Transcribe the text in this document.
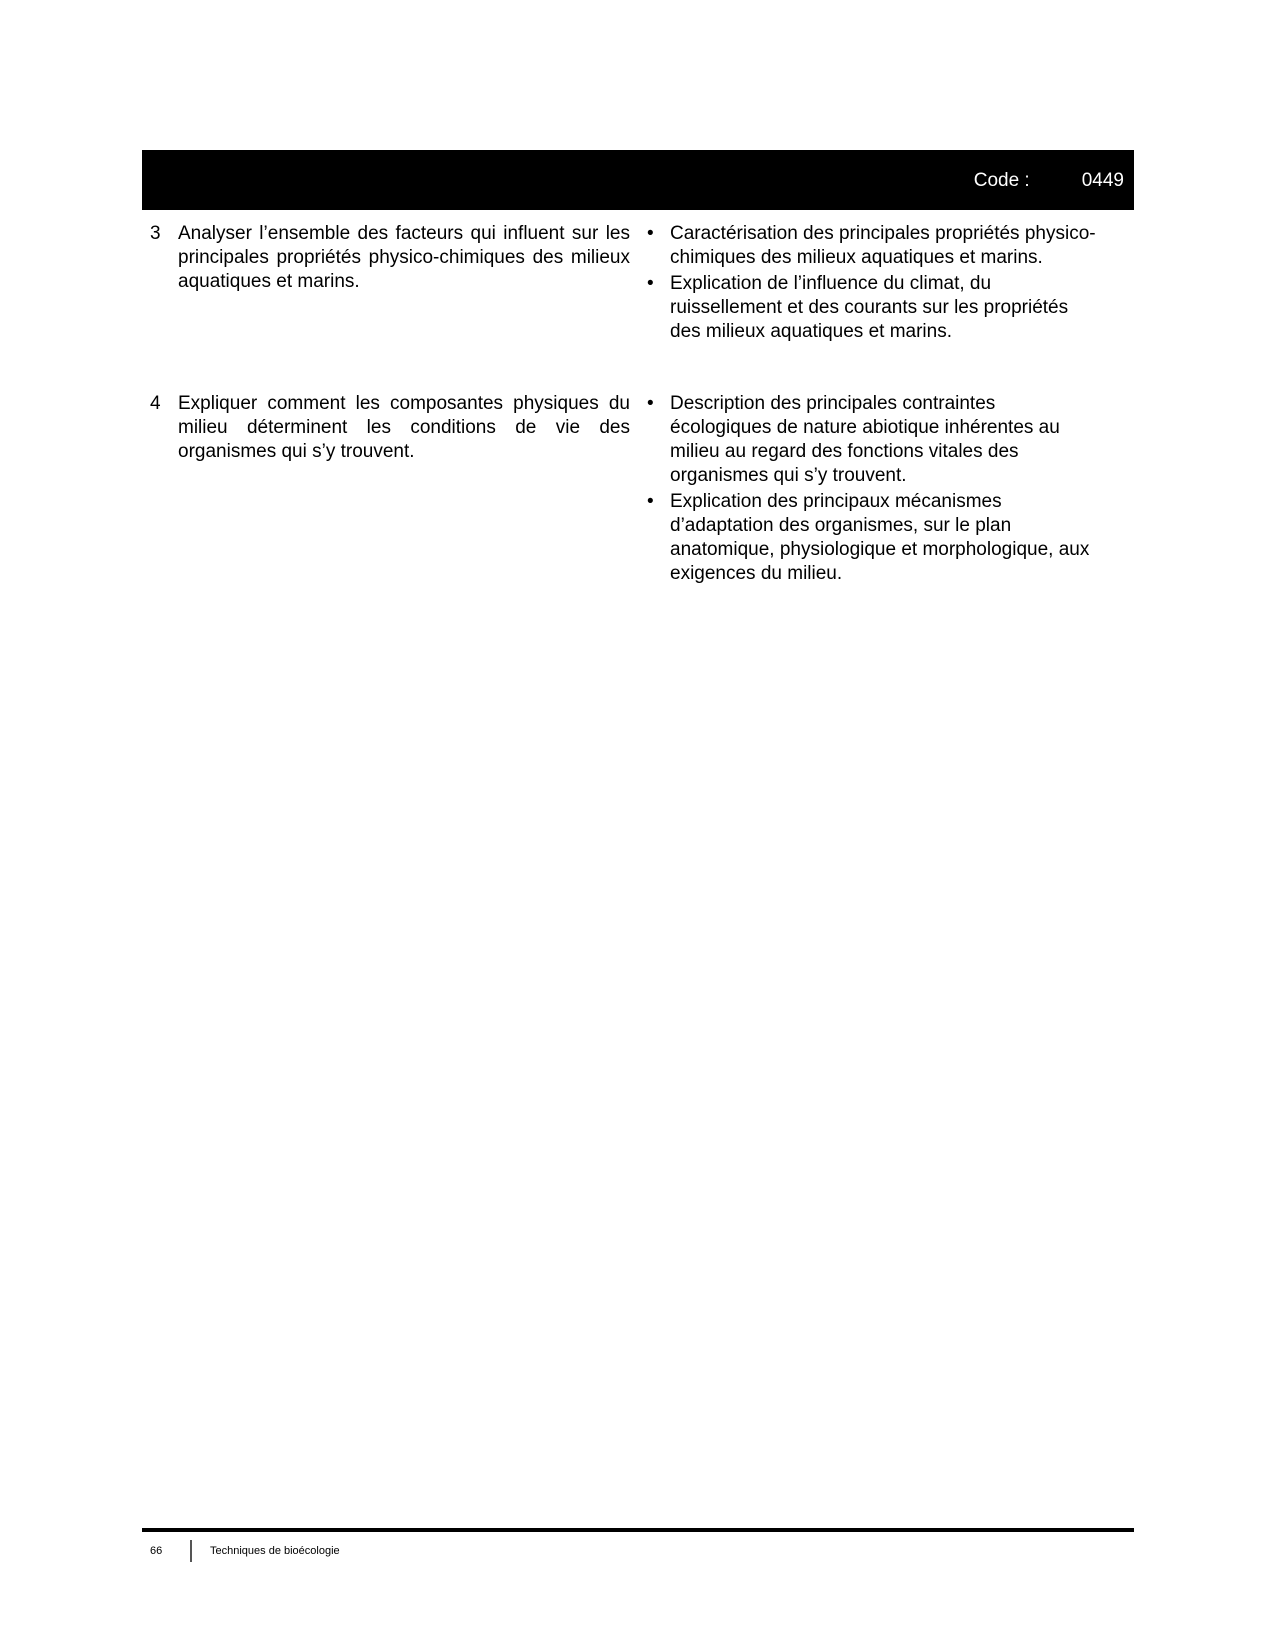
Code :	0449
3 Analyser l’ensemble des facteurs qui influent sur les principales propriétés physico-chimiques des milieux aquatiques et marins.
• Caractérisation des principales propriétés physico-chimiques des milieux aquatiques et marins.
• Explication de l’influence du climat, du ruissellement et des courants sur les propriétés des milieux aquatiques et marins.
4 Expliquer comment les composantes physiques du milieu déterminent les conditions de vie des organismes qui s’y trouvent.
• Description des principales contraintes écologiques de nature abiotique inhérentes au milieu au regard des fonctions vitales des organismes qui s’y trouvent.
• Explication des principaux mécanismes d’adaptation des organismes, sur le plan anatomique, physiologique et morphologique, aux exigences du milieu.
66	Techniques de bioécologie
